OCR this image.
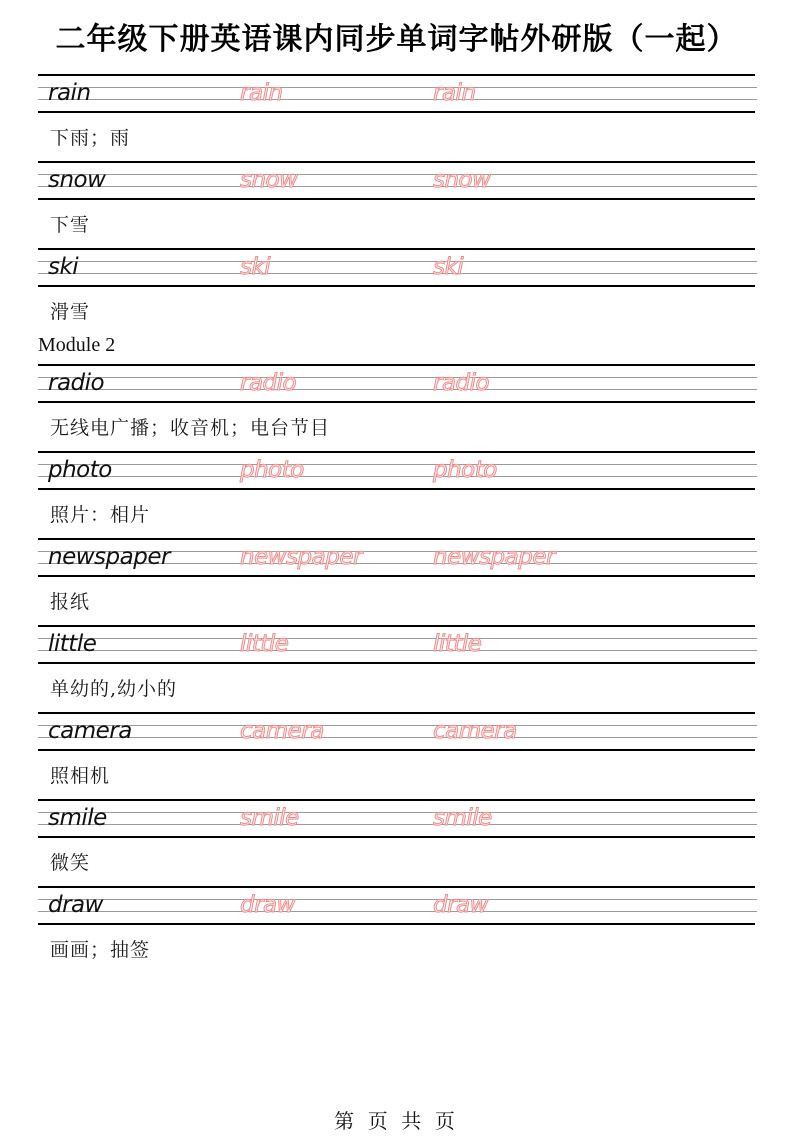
二年级下册英语课内同步单词字帖外研版（一起）
rain	rain	rain
下雨；雨
snow	snow	snow
下雪
ski	ski	ski
滑雪
Module 2
radio	radio	radio
无线电广播；收音机；电台节目
photo	photo	photo
照片：相片
newspaper	newspaper	newspaper
报纸
little	little	little
单幼的,幼小的
camera	camera	camera
照相机
smile	smile	smile
微笑
draw	draw	draw
画画；抽签
第 页 共 页
